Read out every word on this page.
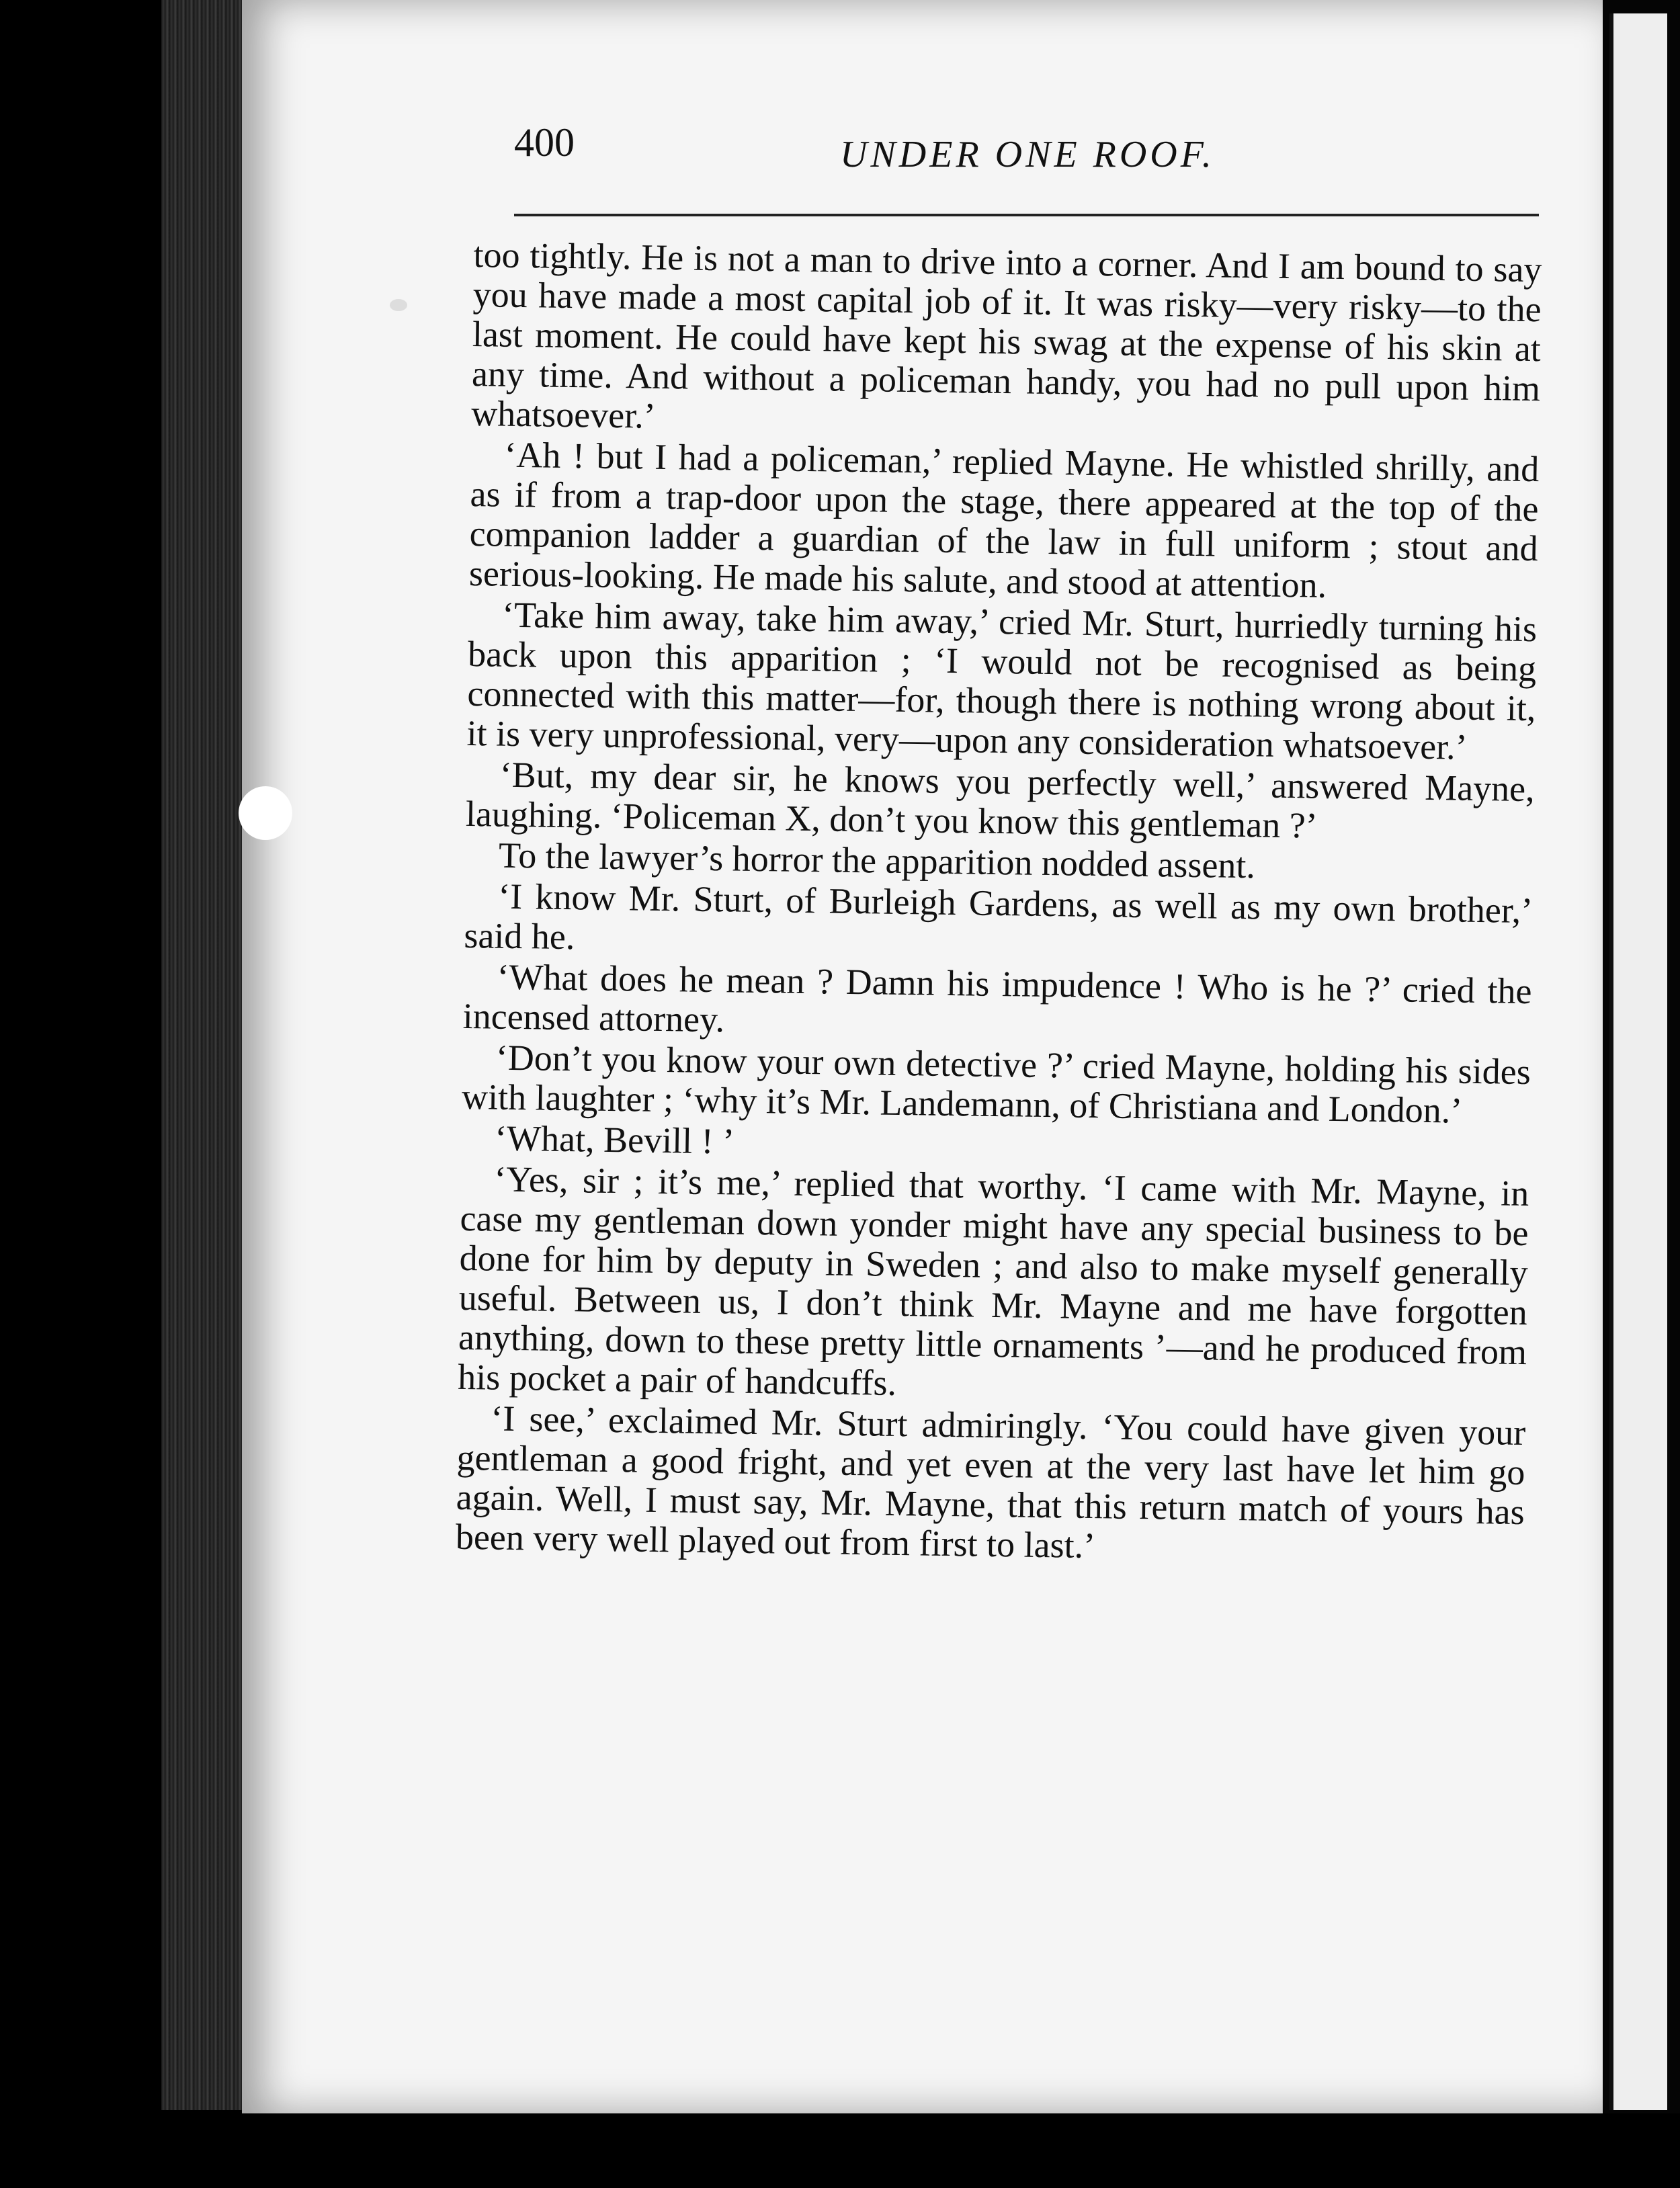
400	UNDER ONE ROOF.

too tightly. He is not a man to drive into a corner. And I am bound to say you have made a most capital job of it. It was risky—very risky—to the last moment. He could have kept his swag at the expense of his skin at any time. And without a policeman handy, you had no pull upon him whatsoever.’

‘Ah ! but I had a policeman,’ replied Mayne. He whistled shrilly, and as if from a trap-door upon the stage, there appeared at the top of the companion ladder a guardian of the law in full uniform ; stout and serious-looking. He made his salute, and stood at attention.

‘Take him away, take him away,’ cried Mr. Sturt, hurriedly turning his back upon this apparition ; ‘I would not be recognised as being connected with this matter—for, though there is nothing wrong about it, it is very unprofessional, very—upon any consideration whatsoever.’

‘But, my dear sir, he knows you perfectly well,’ answered Mayne, laughing. ‘Policeman X, don’t you know this gentleman ?’

To the lawyer’s horror the apparition nodded assent.

‘I know Mr. Sturt, of Burleigh Gardens, as well as my own brother,’ said he.

‘What does he mean ? Damn his impudence ! Who is he ?’ cried the incensed attorney.

‘Don’t you know your own detective ?’ cried Mayne, holding his sides with laughter ; ‘why it’s Mr. Landemann, of Christiana and London.’

‘What, Bevill ! ’

‘Yes, sir ; it’s me,’ replied that worthy. ‘I came with Mr. Mayne, in case my gentleman down yonder might have any special business to be done for him by deputy in Sweden ; and also to make myself generally useful. Between us, I don’t think Mr. Mayne and me have forgotten anything, down to these pretty little ornaments ’—and he produced from his pocket a pair of handcuffs.

‘I see,’ exclaimed Mr. Sturt admiringly. ‘You could have given your gentleman a good fright, and yet even at the very last have let him go again. Well, I must say, Mr. Mayne, that this return match of yours has been very well played out from first to last.’
